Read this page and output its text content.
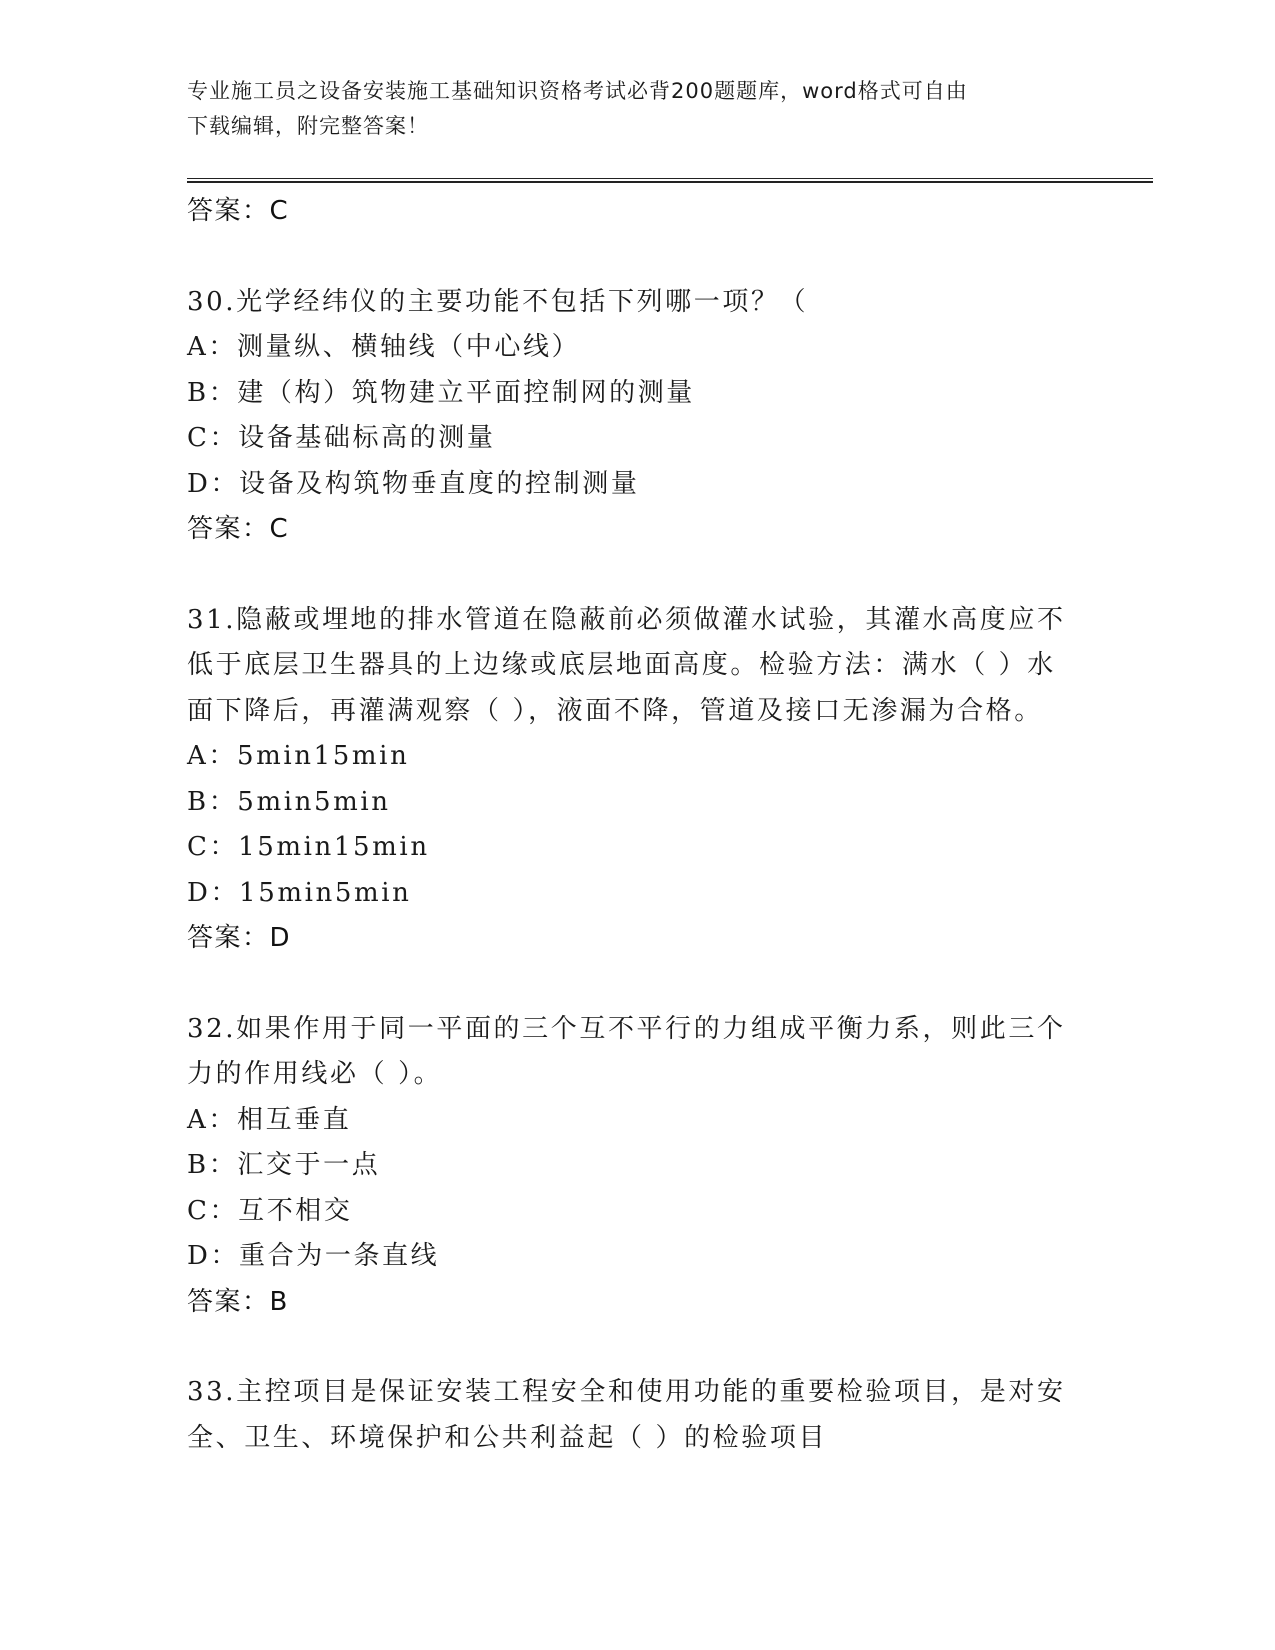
专业施工员之设备安装施工基础知识资格考试必背200题题库，word格式可自由
下载编辑，附完整答案！
答案：C
30.光学经纬仪的主要功能不包括下列哪一项？（
A：测量纵、横轴线（中心线）
B：建（构）筑物建立平面控制网的测量
C：设备基础标高的测量
D：设备及构筑物垂直度的控制测量
答案：C
31.隐蔽或埋地的排水管道在隐蔽前必须做灌水试验，其灌水高度应不
低于底层卫生器具的上边缘或底层地面高度。检验方法：满水（ ）水
面下降后，再灌满观察（ ），液面不降，管道及接口无渗漏为合格。
A：5min15min
B：5min5min
C：15min15min
D：15min5min
答案：D
32.如果作用于同一平面的三个互不平行的力组成平衡力系，则此三个
力的作用线必（ ）。
A：相互垂直
B：汇交于一点
C：互不相交
D：重合为一条直线
答案：B
33.主控项目是保证安装工程安全和使用功能的重要检验项目，是对安
全、卫生、环境保护和公共利益起（ ）的检验项目
